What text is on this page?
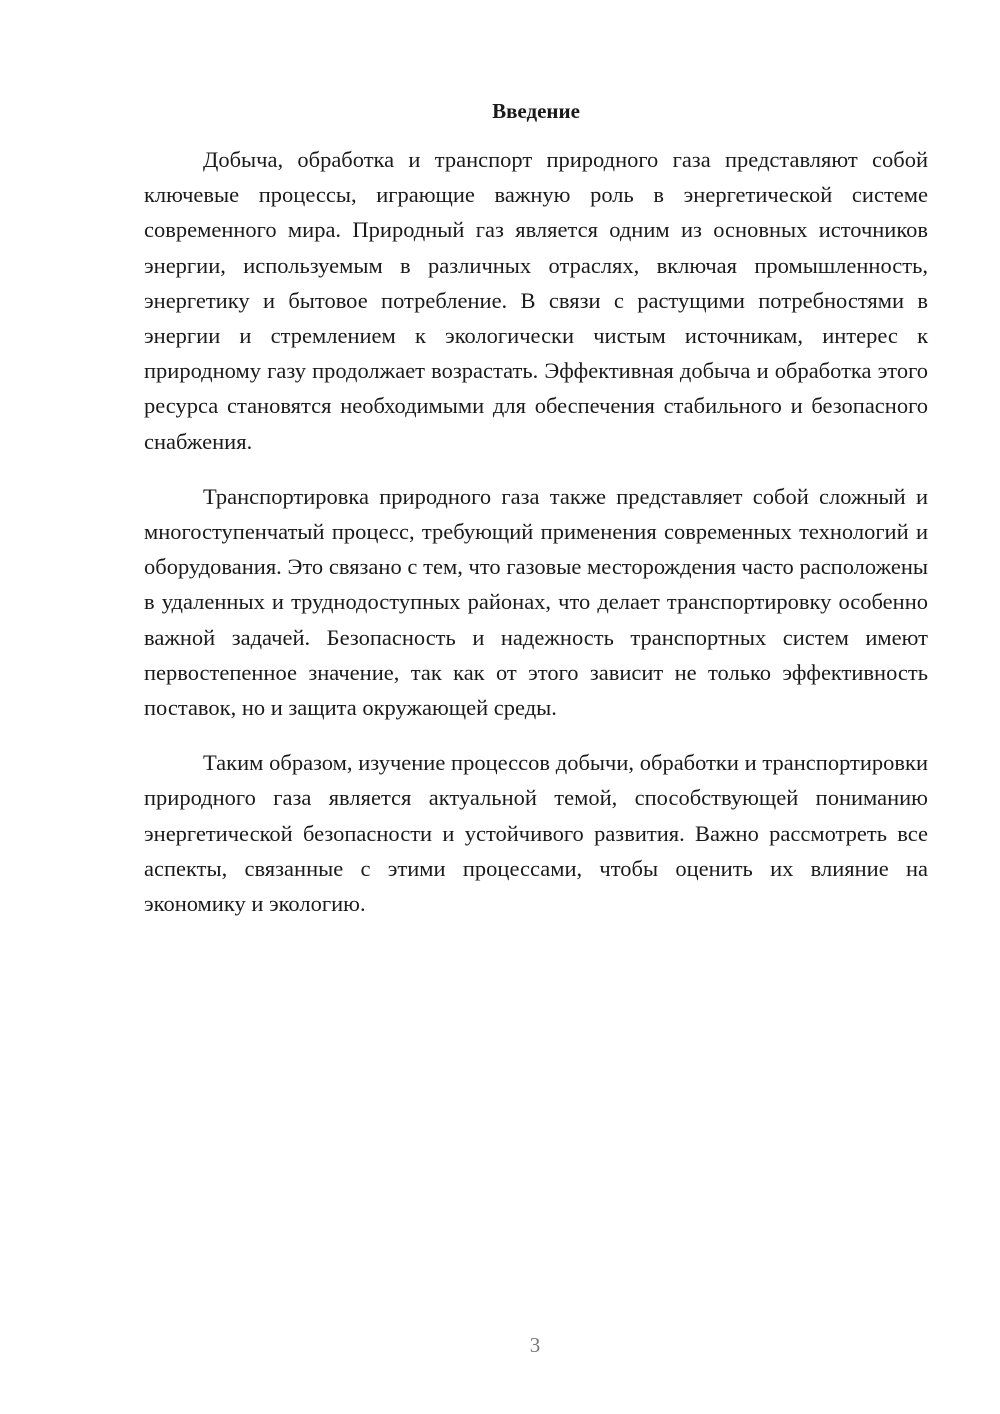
Введение

Добыча, обработка и транспорт природного газа представляют собой ключевые процессы, играющие важную роль в энергетической системе современного мира. Природный газ является одним из основных источников энергии, используемым в различных отраслях, включая промышленность, энергетику и бытовое потребление. В связи с растущими потребностями в энергии и стремлением к экологически чистым источникам, интерес к природному газу продолжает возрастать. Эффективная добыча и обработка этого ресурса становятся необходимыми для обеспечения стабильного и безопасного снабжения.

Транспортировка природного газа также представляет собой сложный и многоступенчатый процесс, требующий применения современных технологий и оборудования. Это связано с тем, что газовые месторождения часто расположены в удаленных и труднодоступных районах, что делает транспортировку особенно важной задачей. Безопасность и надежность транспортных систем имеют первостепенное значение, так как от этого зависит не только эффективность поставок, но и защита окружающей среды.

Таким образом, изучение процессов добычи, обработки и транспортировки природного газа является актуальной темой, способствующей пониманию энергетической безопасности и устойчивого развития. Важно рассмотреть все аспекты, связанные с этими процессами, чтобы оценить их влияние на экономику и экологию.

3
